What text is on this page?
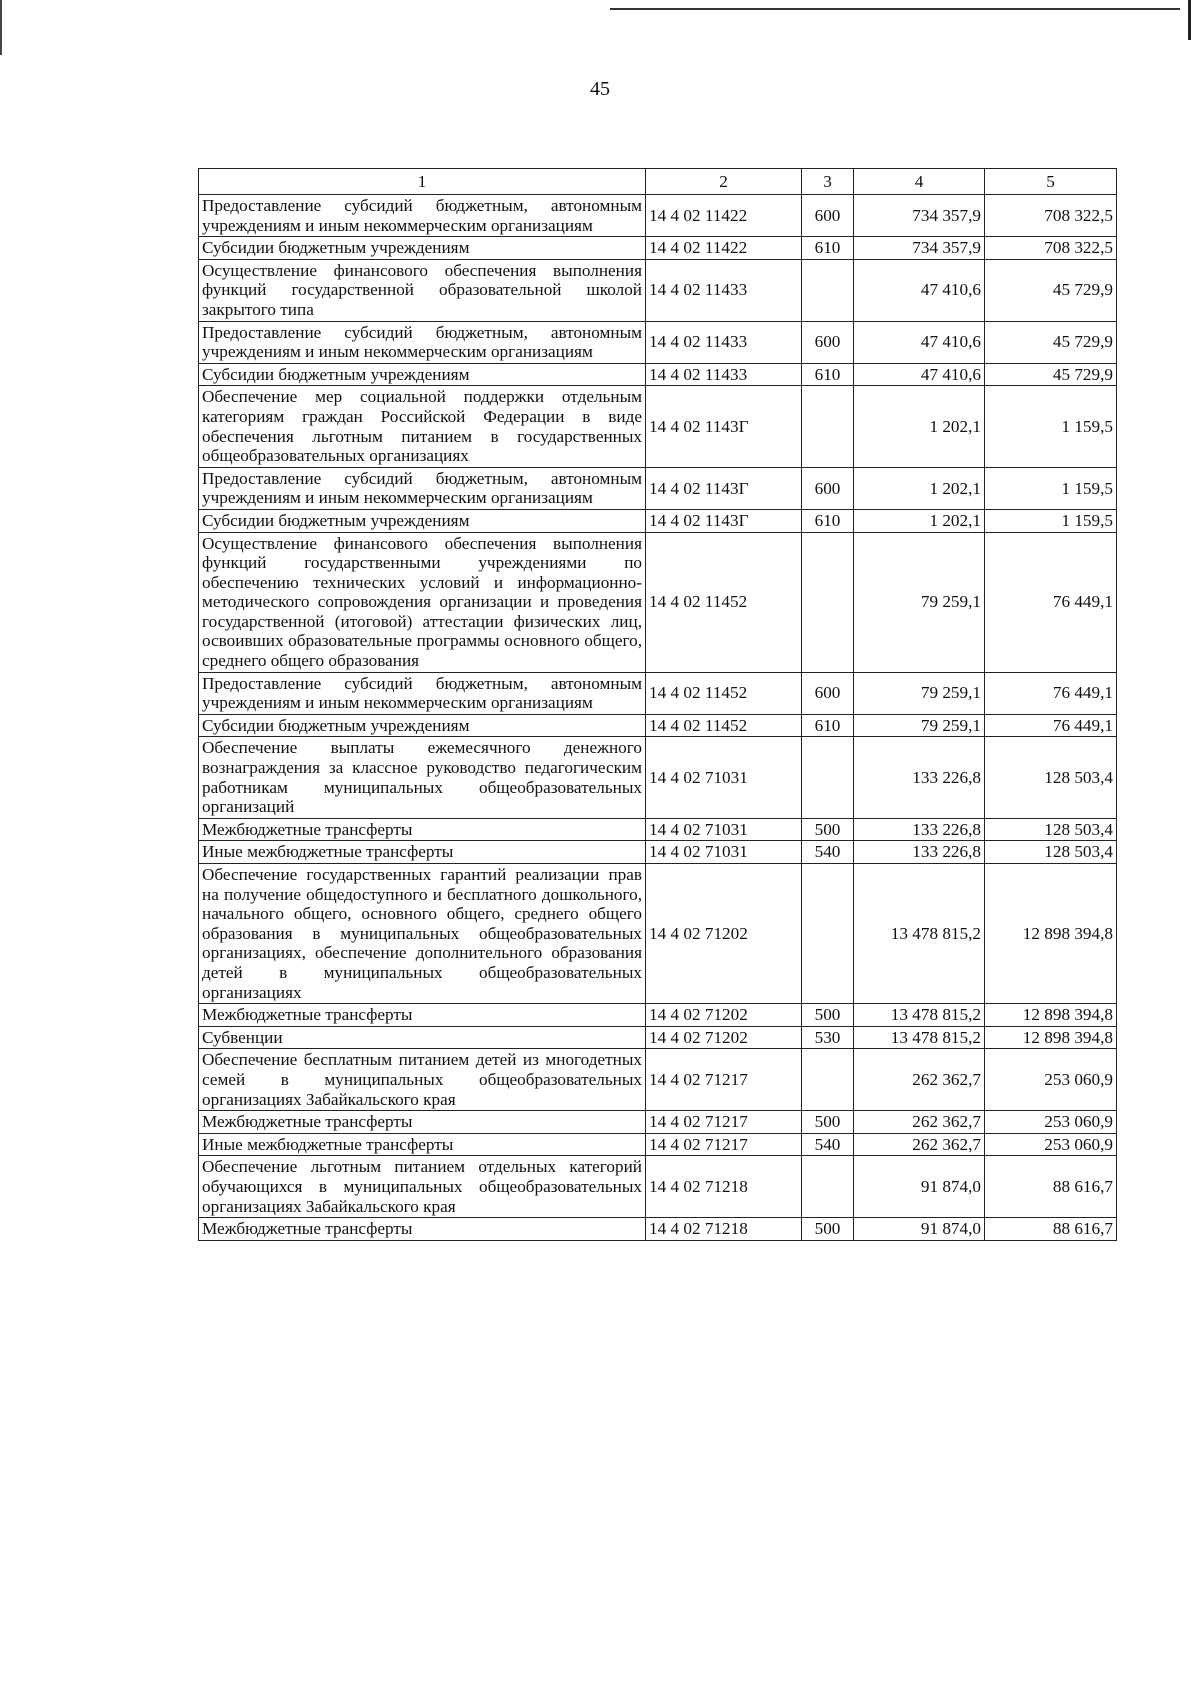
45
1	2	3	4	5
Предоставление субсидий бюджетным, автономным учреждениям и иным некоммерческим организациям	14 4 02 11422	600	734 357,9	708 322,5
Субсидии бюджетным учреждениям	14 4 02 11422	610	734 357,9	708 322,5
Осуществление финансового обеспечения выполнения функций государственной образовательной школой закрытого типа	14 4 02 11433		47 410,6	45 729,9
Предоставление субсидий бюджетным, автономным учреждениям и иным некоммерческим организациям	14 4 02 11433	600	47 410,6	45 729,9
Субсидии бюджетным учреждениям	14 4 02 11433	610	47 410,6	45 729,9
Обеспечение мер социальной поддержки отдельным категориям граждан Российской Федерации в виде обеспечения льготным питанием в государственных общеобразовательных организациях	14 4 02 1143Г		1 202,1	1 159,5
Предоставление субсидий бюджетным, автономным учреждениям и иным некоммерческим организациям	14 4 02 1143Г	600	1 202,1	1 159,5
Субсидии бюджетным учреждениям	14 4 02 1143Г	610	1 202,1	1 159,5
Осуществление финансового обеспечения выполнения функций государственными учреждениями по обеспечению технических условий и информационно-методического сопровождения организации и проведения государственной (итоговой) аттестации физических лиц, освоивших образовательные программы основного общего, среднего общего образования	14 4 02 11452		79 259,1	76 449,1
Предоставление субсидий бюджетным, автономным учреждениям и иным некоммерческим организациям	14 4 02 11452	600	79 259,1	76 449,1
Субсидии бюджетным учреждениям	14 4 02 11452	610	79 259,1	76 449,1
Обеспечение выплаты ежемесячного денежного вознаграждения за классное руководство педагогическим работникам муниципальных общеобразовательных организаций	14 4 02 71031		133 226,8	128 503,4
Межбюджетные трансферты	14 4 02 71031	500	133 226,8	128 503,4
Иные межбюджетные трансферты	14 4 02 71031	540	133 226,8	128 503,4
Обеспечение государственных гарантий реализации прав на получение общедоступного и бесплатного дошкольного, начального общего, основного общего, среднего общего образования в муниципальных общеобразовательных организациях, обеспечение дополнительного образования детей в муниципальных общеобразовательных организациях	14 4 02 71202		13 478 815,2	12 898 394,8
Межбюджетные трансферты	14 4 02 71202	500	13 478 815,2	12 898 394,8
Субвенции	14 4 02 71202	530	13 478 815,2	12 898 394,8
Обеспечение бесплатным питанием детей из многодетных семей в муниципальных общеобразовательных организациях Забайкальского края	14 4 02 71217		262 362,7	253 060,9
Межбюджетные трансферты	14 4 02 71217	500	262 362,7	253 060,9
Иные межбюджетные трансферты	14 4 02 71217	540	262 362,7	253 060,9
Обеспечение льготным питанием отдельных категорий обучающихся в муниципальных общеобразовательных организациях Забайкальского края	14 4 02 71218		91 874,0	88 616,7
Межбюджетные трансферты	14 4 02 71218	500	91 874,0	88 616,7
